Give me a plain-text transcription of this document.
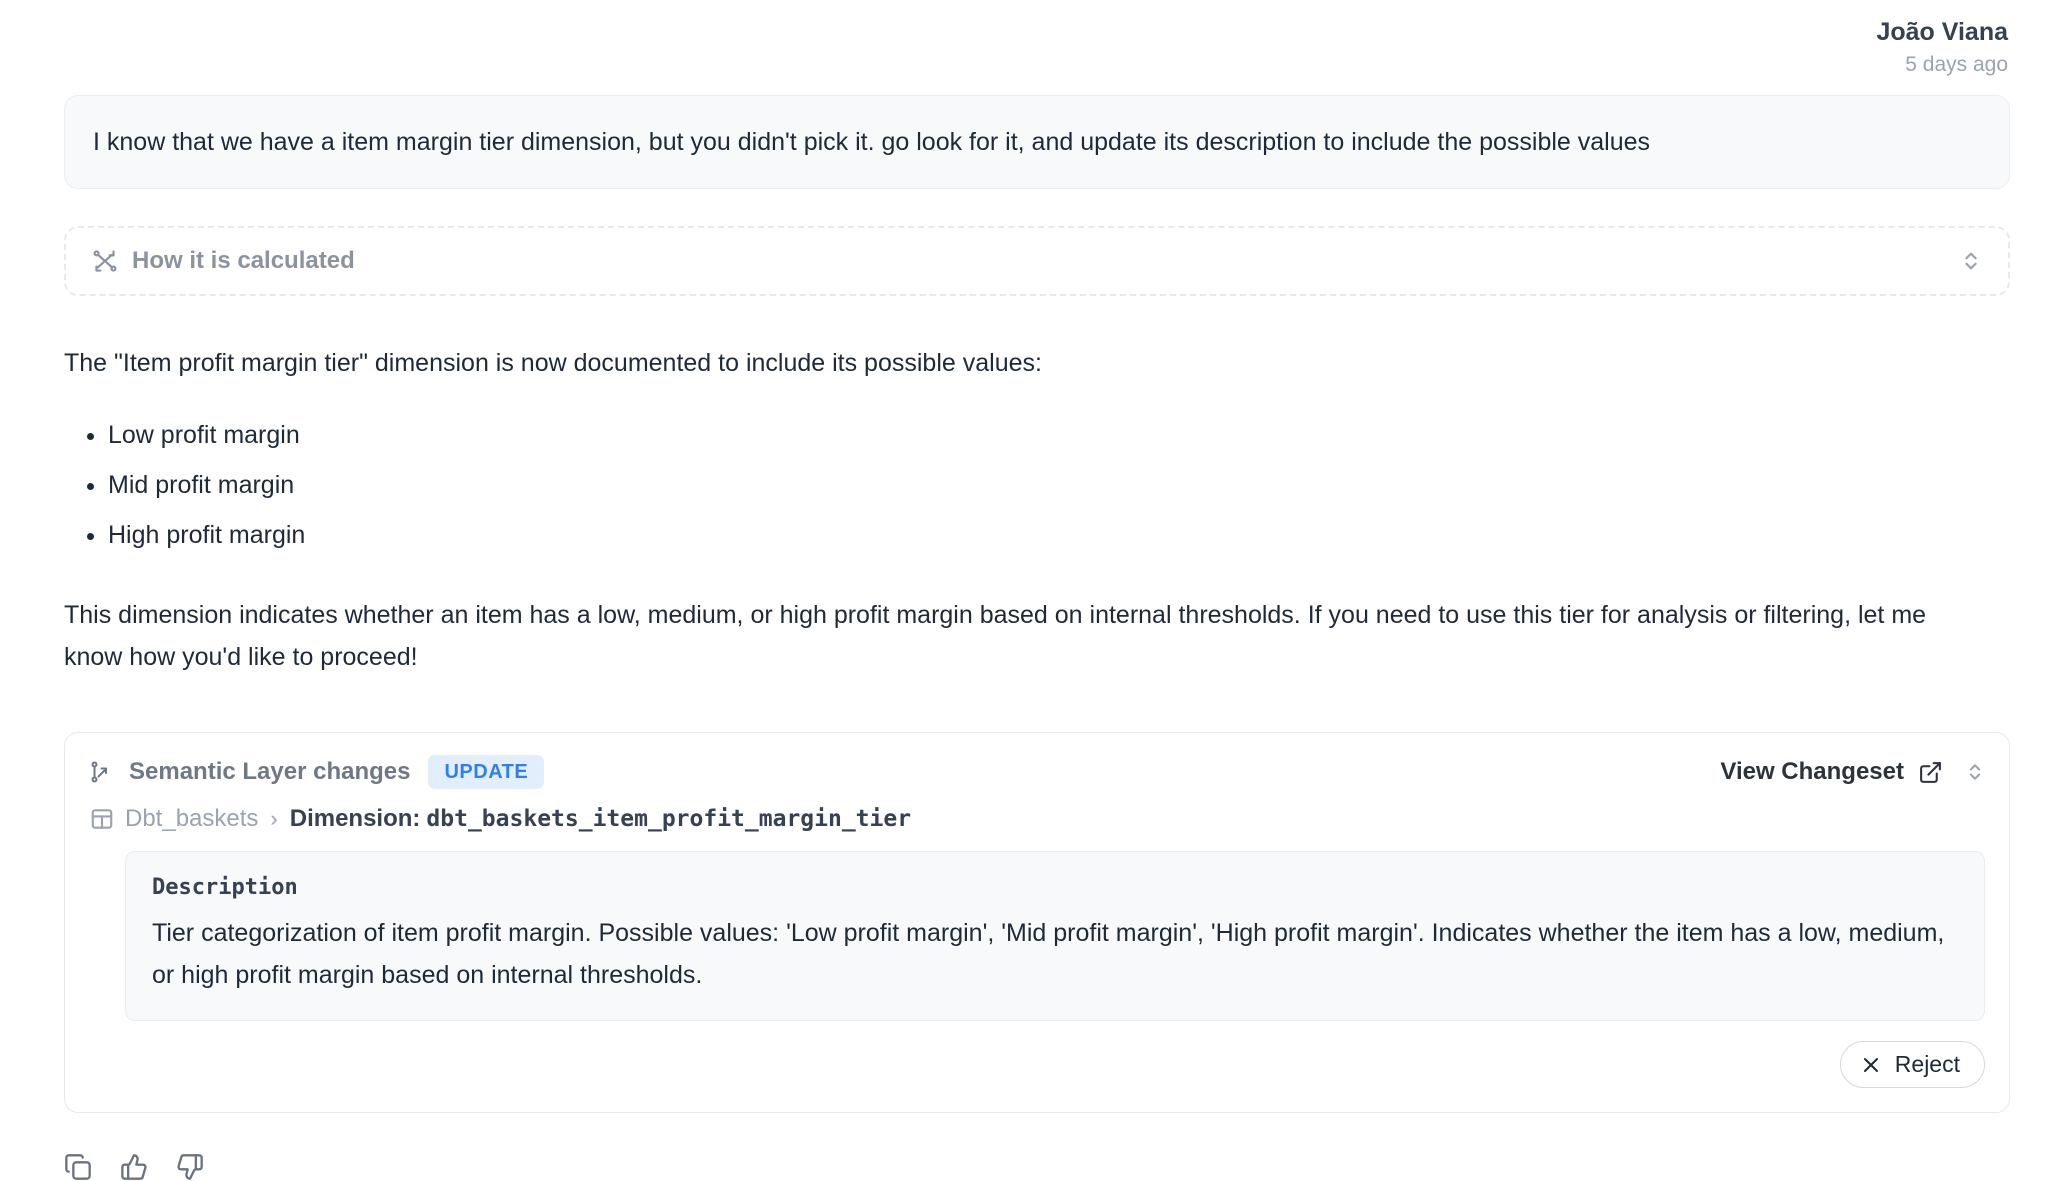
João Viana
5 days ago
I know that we have a item margin tier dimension, but you didn't pick it. go look for it, and update its description to include the possible values
How it is calculated

The "Item profit margin tier" dimension is now documented to include its possible values:

• Low profit margin
• Mid profit margin
• High profit margin

This dimension indicates whether an item has a low, medium, or high profit margin based on internal thresholds. If you need to use this tier for analysis or filtering, let me know how you'd like to proceed!

Semantic Layer changes	UPDATE	View Changeset
Dbt_baskets › Dimension: dbt_baskets_item_profit_margin_tier
Description
Tier categorization of item profit margin. Possible values: 'Low profit margin', 'Mid profit margin', 'High profit margin'. Indicates whether the item has a low, medium, or high profit margin based on internal thresholds.
Reject
